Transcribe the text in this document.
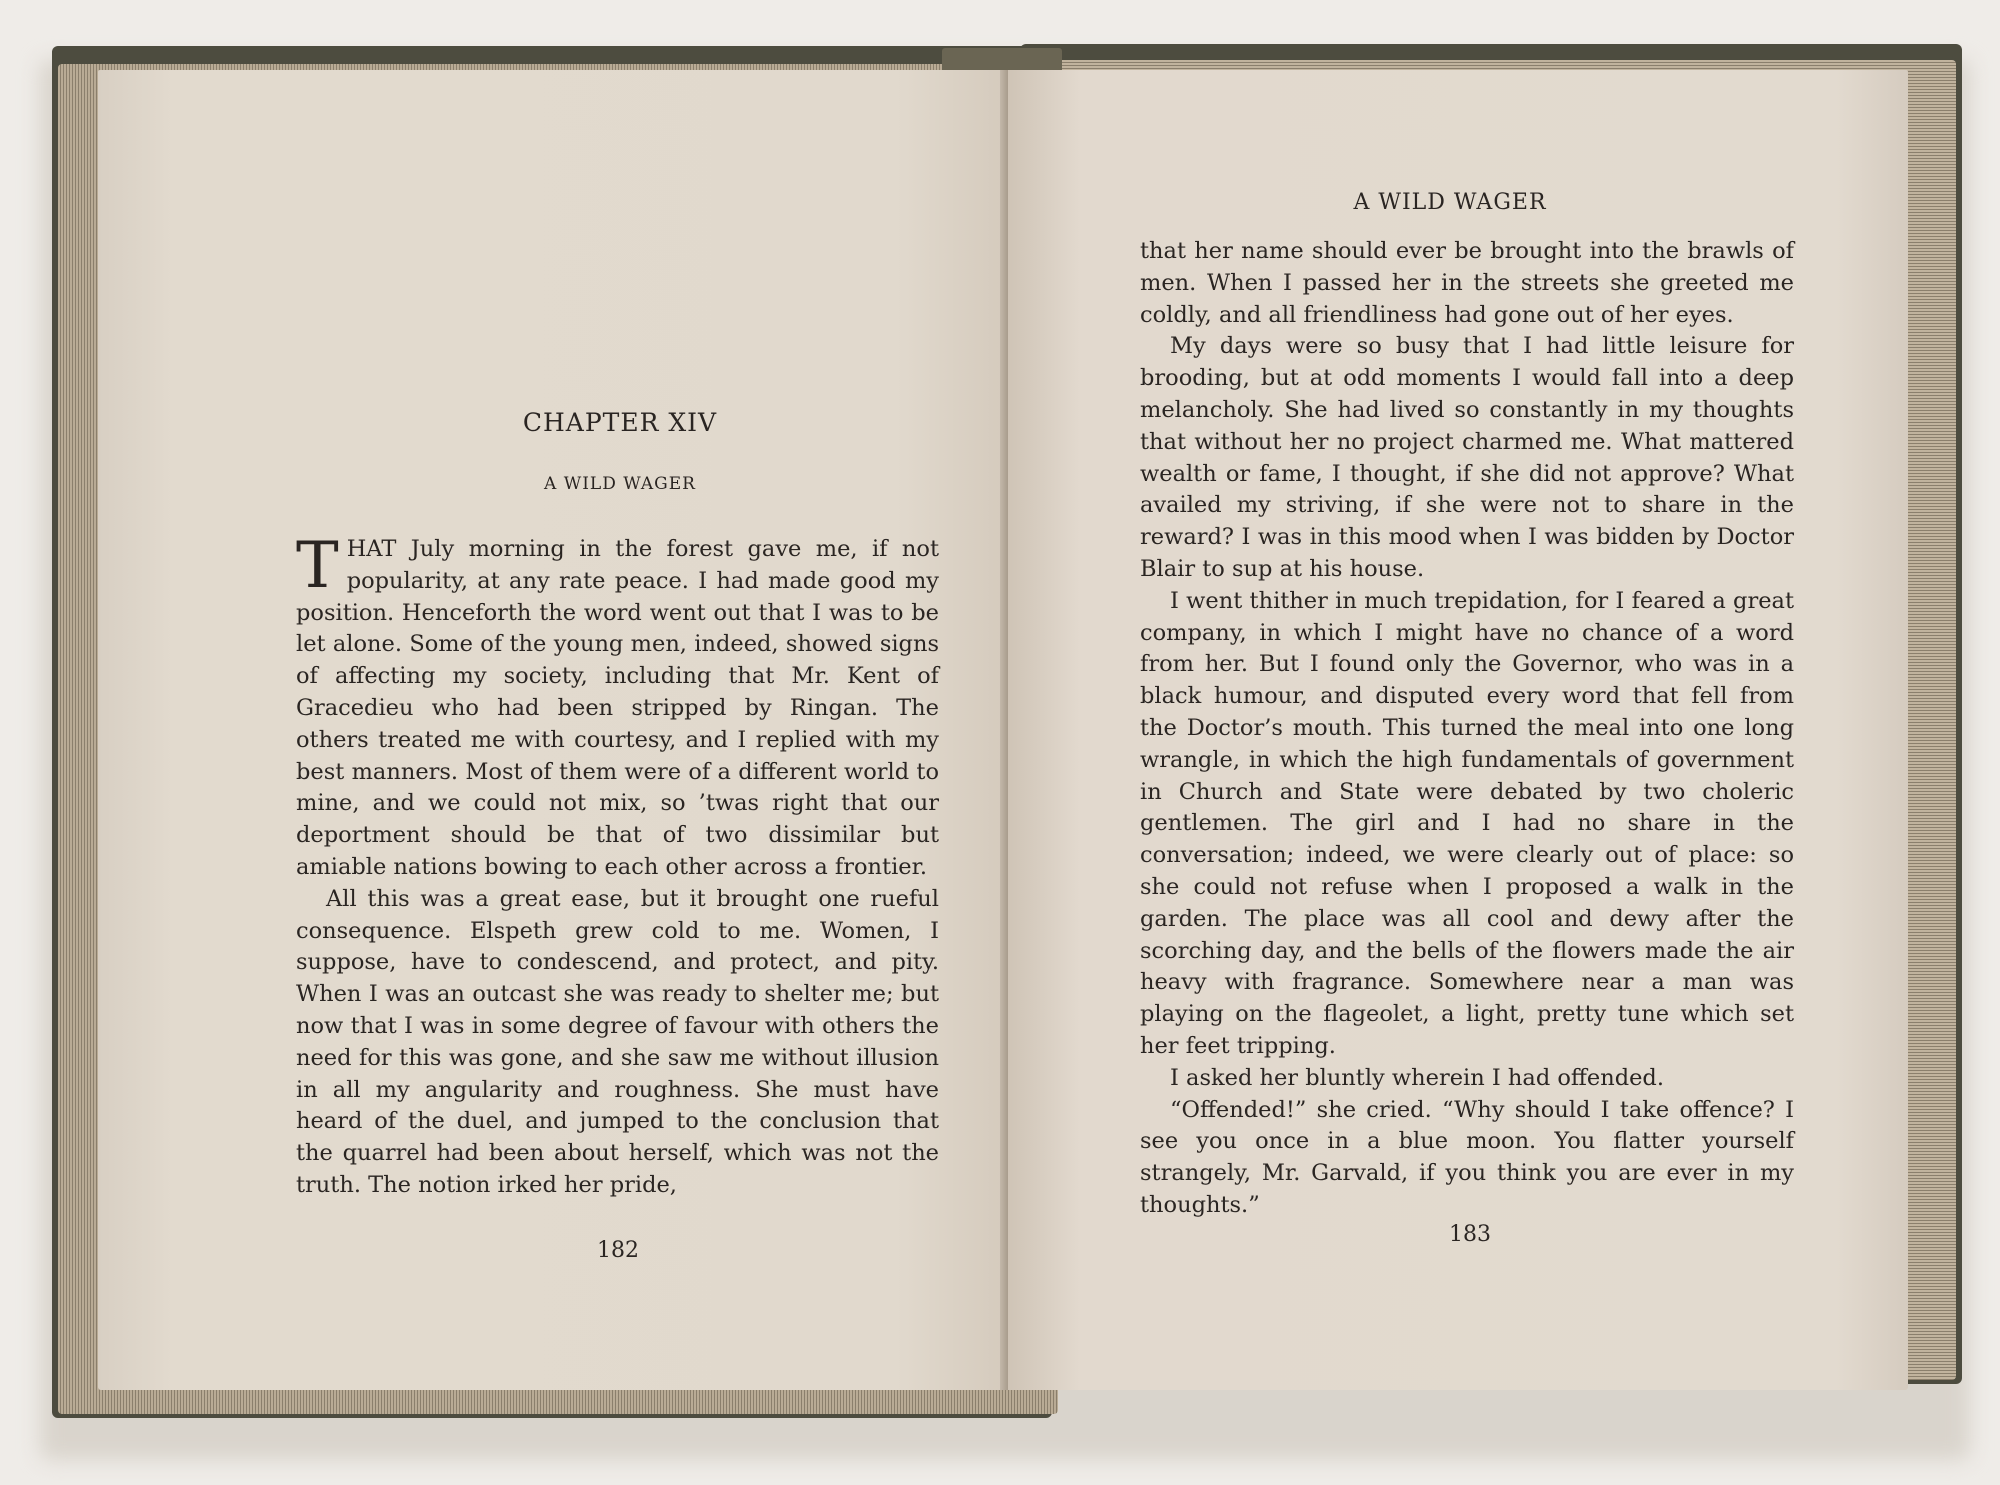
CHAPTER XIV
A WILD WAGER

THAT July morning in the forest gave me, if not popularity, at any rate peace. I had made good my position. Henceforth the word went out that I was to be let alone. Some of the young men, indeed, showed signs of affecting my society, including that Mr. Kent of Gracedieu who had been stripped by Ringan. The others treated me with courtesy, and I replied with my best manners. Most of them were of a different world to mine, and we could not mix, so ’twas right that our deportment should be that of two dissimilar but amiable nations bowing to each other across a frontier.

All this was a great ease, but it brought one rueful consequence. Elspeth grew cold to me. Women, I suppose, have to condescend, and protect, and pity. When I was an outcast she was ready to shelter me; but now that I was in some degree of favour with others the need for this was gone, and she saw me without illusion in all my angularity and roughness. She must have heard of the duel, and jumped to the conclusion that the quarrel had been about herself, which was not the truth. The notion irked her pride,

182
A WILD WAGER

that her name should ever be brought into the brawls of men. When I passed her in the streets she greeted me coldly, and all friendliness had gone out of her eyes.

My days were so busy that I had little leisure for brooding, but at odd moments I would fall into a deep melancholy. She had lived so constantly in my thoughts that without her no project charmed me. What mattered wealth or fame, I thought, if she did not approve? What availed my striving, if she were not to share in the reward? I was in this mood when I was bidden by Doctor Blair to sup at his house.

I went thither in much trepidation, for I feared a great company, in which I might have no chance of a word from her. But I found only the Governor, who was in a black humour, and disputed every word that fell from the Doctor’s mouth. This turned the meal into one long wrangle, in which the high fundamentals of government in Church and State were debated by two choleric gentlemen. The girl and I had no share in the conversation; indeed, we were clearly out of place: so she could not refuse when I proposed a walk in the garden. The place was all cool and dewy after the scorching day, and the bells of the flowers made the air heavy with fragrance. Somewhere near a man was playing on the flageolet, a light, pretty tune which set her feet tripping.

I asked her bluntly wherein I had offended.

“Offended!” she cried. “Why should I take offence? I see you once in a blue moon. You flatter yourself strangely, Mr. Garvald, if you think you are ever in my thoughts.”

183
